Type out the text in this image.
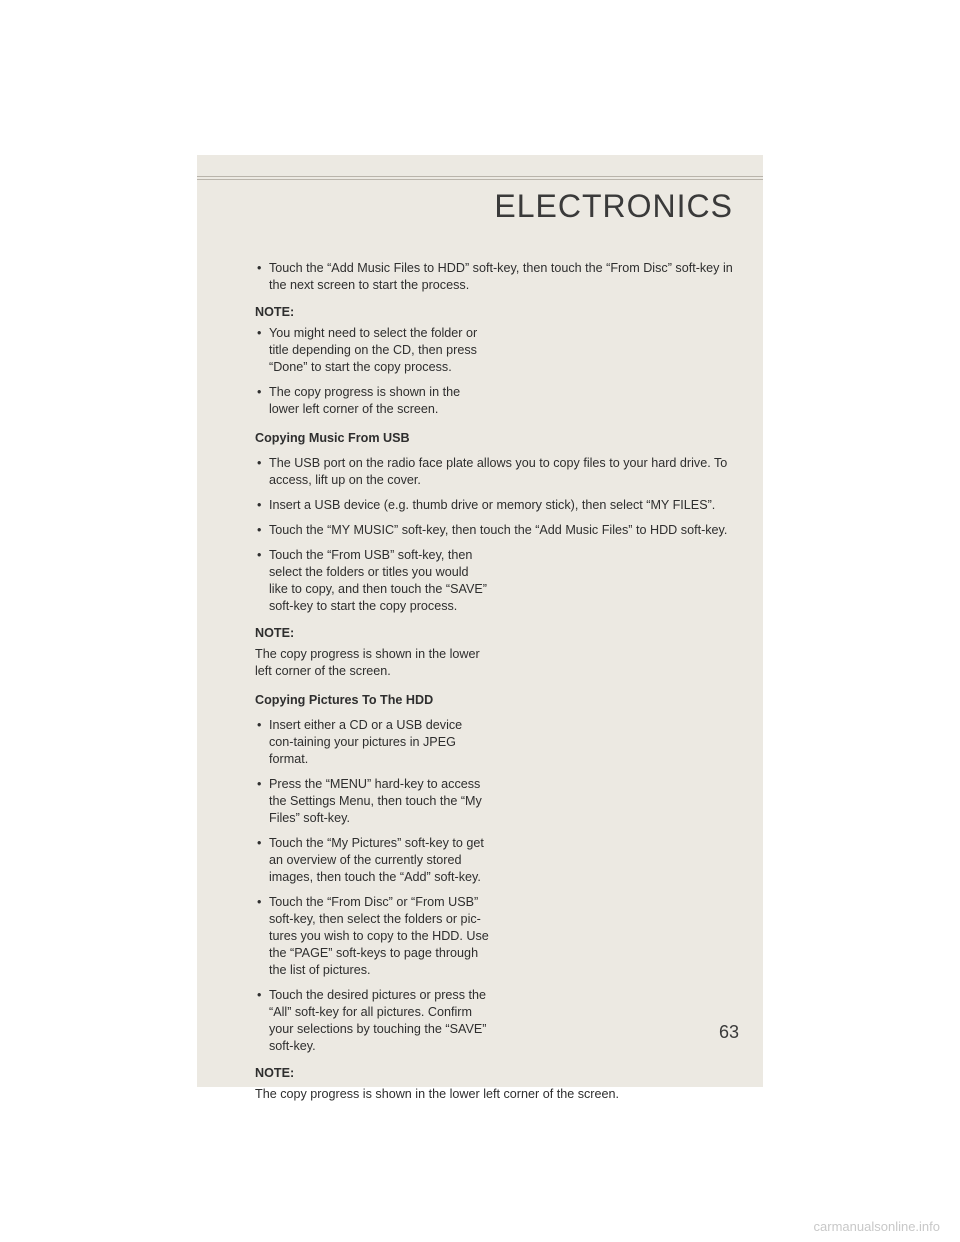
ELECTRONICS
• Touch the “Add Music Files to HDD” soft-key, then touch the “From Disc” soft-key in the next screen to start the process.
NOTE:
• You might need to select the folder or title depending on the CD, then press “Done” to start the copy process.
• The copy progress is shown in the lower left corner of the screen.
Copying Music From USB
• The USB port on the radio face plate allows you to copy files to your hard drive. To access, lift up on the cover.
• Insert a USB device (e.g. thumb drive or memory stick), then select “MY FILES”.
• Touch the “MY MUSIC” soft-key, then touch the “Add Music Files” to HDD soft-key.
• Touch the “From USB” soft-key, then select the folders or titles you would like to copy, and then touch the “SAVE” soft-key to start the copy process.
NOTE:
The copy progress is shown in the lower left corner of the screen.
Copying Pictures To The HDD
• Insert either a CD or a USB device con-taining your pictures in JPEG format.
• Press the “MENU” hard-key to access the Settings Menu, then touch the “My Files” soft-key.
• Touch the “My Pictures” soft-key to get an overview of the currently stored images, then touch the “Add” soft-key.
• Touch the “From Disc” or “From USB” soft-key, then select the folders or pic-tures you wish to copy to the HDD. Use the “PAGE” soft-keys to page through the list of pictures.
• Touch the desired pictures or press the “All” soft-key for all pictures. Confirm your selections by touching the “SAVE” soft-key.
NOTE:
The copy progress is shown in the lower left corner of the screen.
63
carmanualsonline.info
